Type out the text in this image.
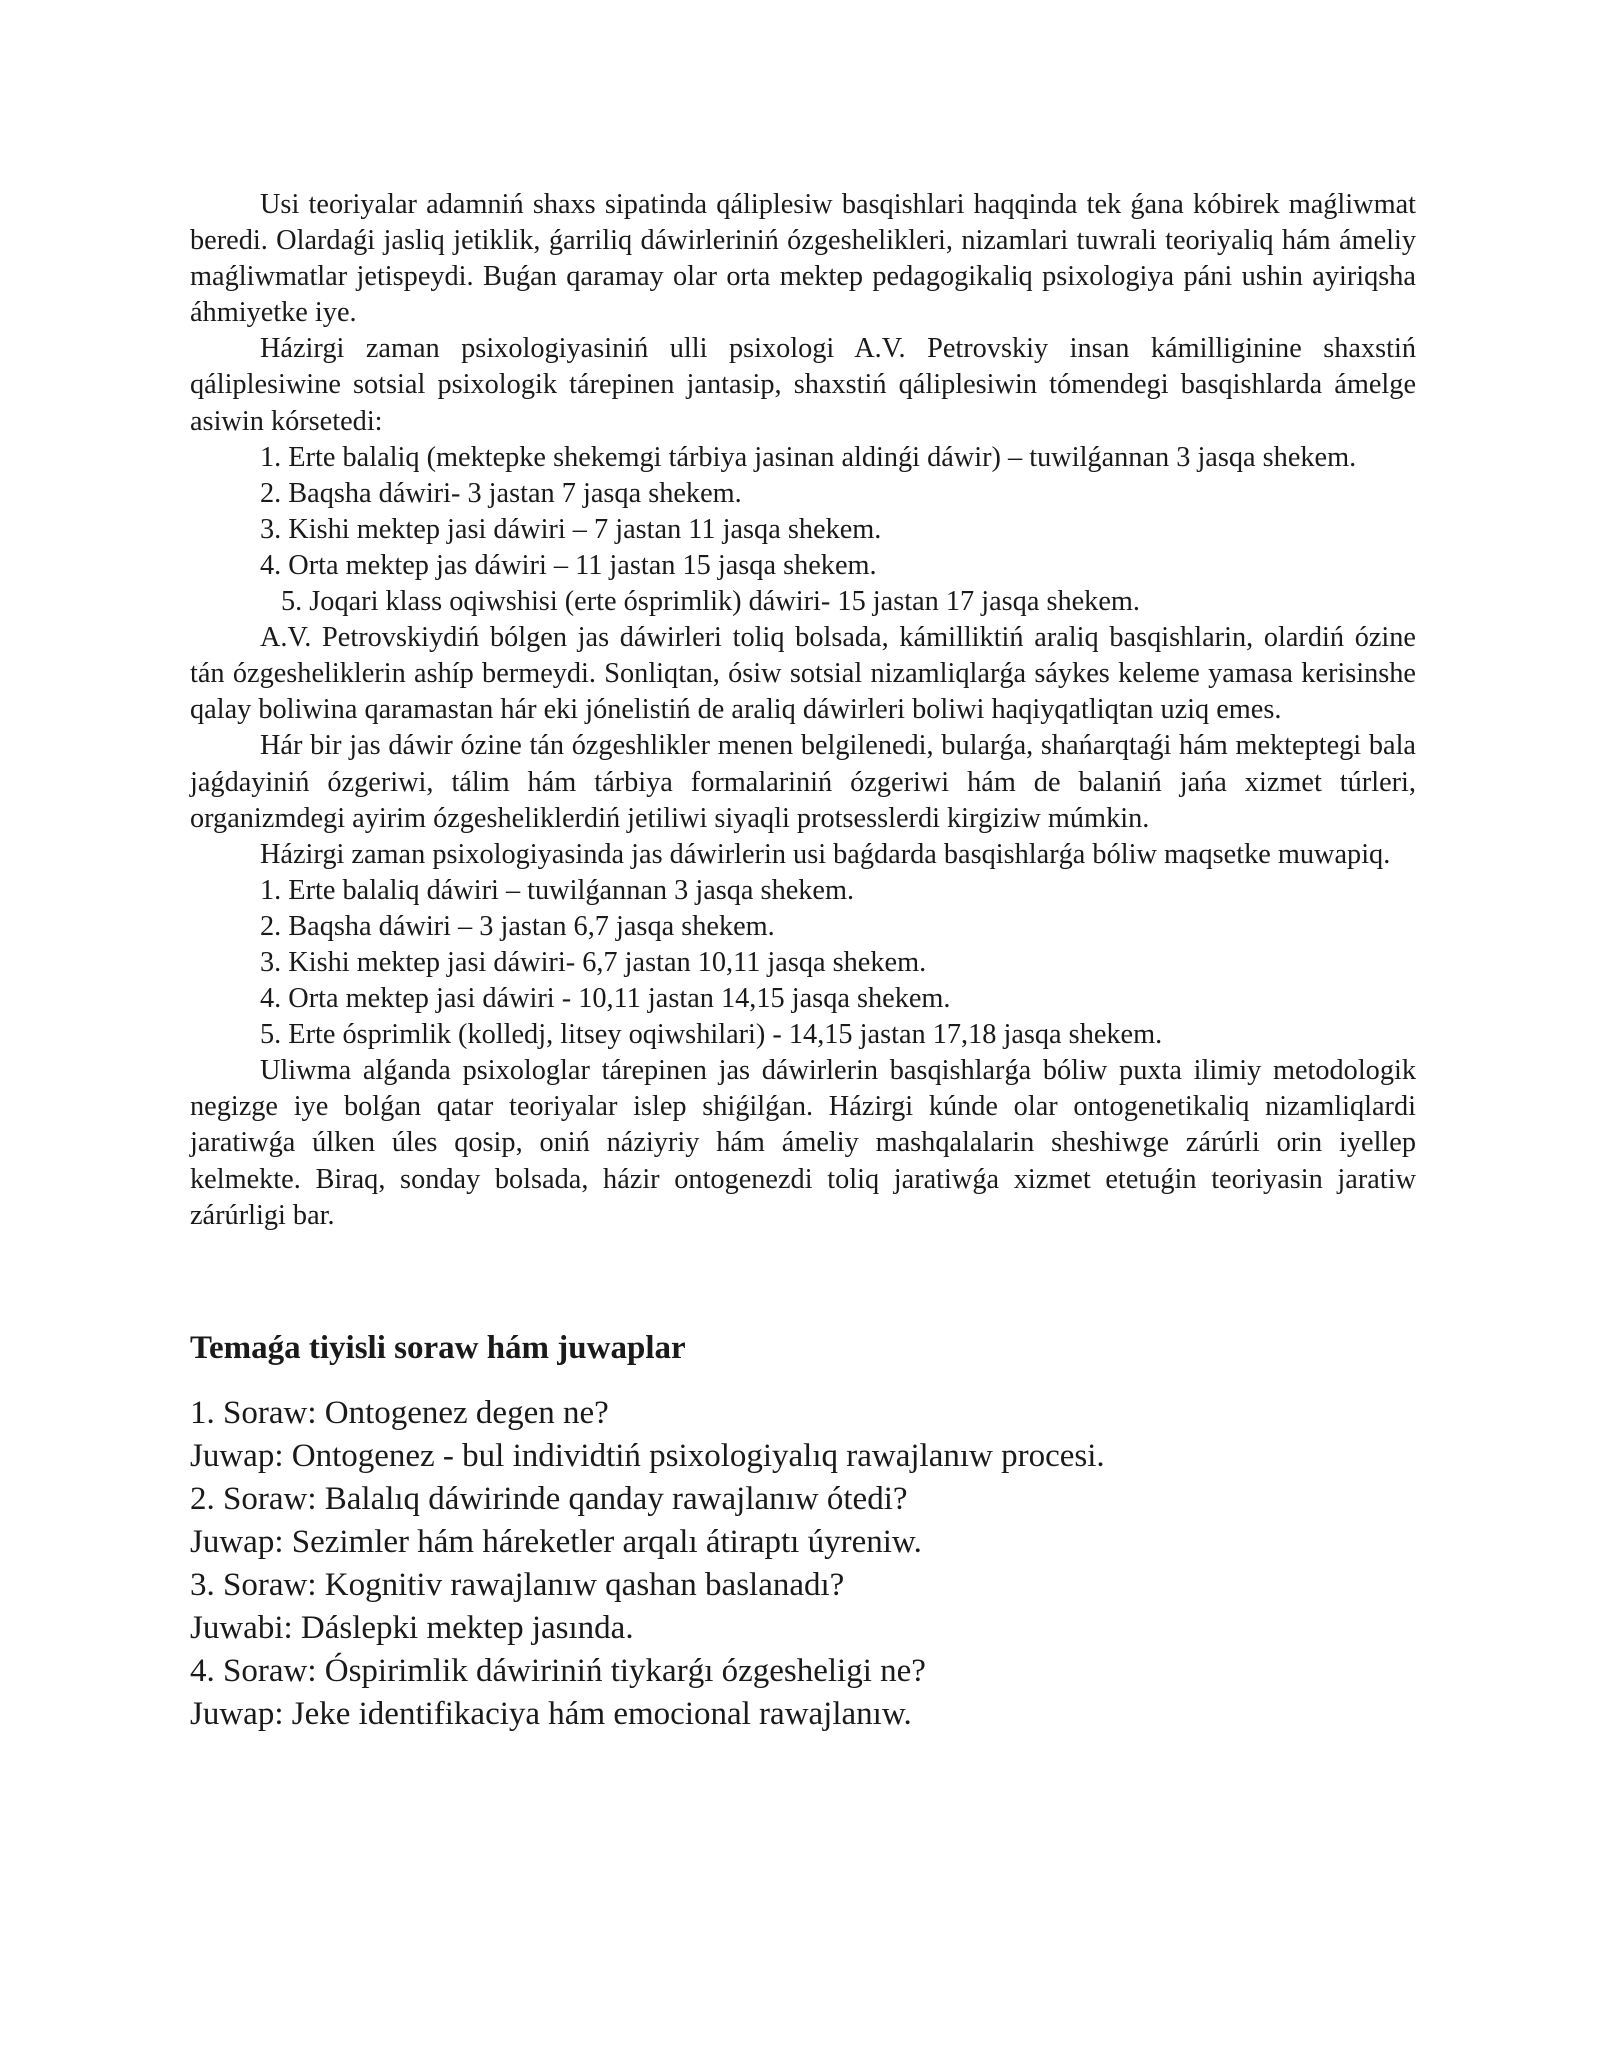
Usi teoriyalar adamniń shaxs sipatinda qáliplesiw basqishlari haqqinda tek ǵana kóbirek maǵliwmat beredi. Olardaǵi jasliq jetiklik, ǵarriliq dáwirleriniń ózgeshelikleri, nizamlari tuwrali teoriyaliq hám ámeliy maǵliwmatlar jetispeydi. Buǵan qaramay olar orta mektep pedagogikaliq psixologiya páni ushin ayiriqsha áhmiyetke iye.

Házirgi zaman psixologiyasiniń ulli psixologi A.V. Petrovskiy insan kámilliginine shaxstiń qáliplesiwine sotsial psixologik tárepinen jantasip, shaxstiń qáliplesiwin tómendegi basqishlarda ámelge asiwin kórsetedi:

1. Erte balaliq (mektepke shekemgi tárbiya jasinan aldinǵi dáwir) – tuwilǵannan 3 jasqa shekem.

2. Baqsha dáwiri- 3 jastan 7 jasqa shekem.

3. Kishi mektep jasi dáwiri – 7 jastan 11 jasqa shekem.

4. Orta mektep jas dáwiri – 11 jastan 15 jasqa shekem.

5. Joqari klass oqiwshisi (erte ósprimlik) dáwiri- 15 jastan 17 jasqa shekem.

A.V. Petrovskiydiń bólgen jas dáwirleri toliq bolsada, kámilliktiń araliq basqishlarin, olardiń ózine tán ózgesheliklerin ashíp bermeydi. Sonliqtan, ósiw sotsial nizamliqlarǵa sáykes keleme yamasa kerisinshe qalay boliwina qaramastan hár eki jónelistiń de araliq dáwirleri boliwi haqiyqatliqtan uziq emes.

Hár bir jas dáwir ózine tán ózgeshlikler menen belgilenedi, bularǵa, shańarqtaǵi hám mekteptegi bala jaǵdayiniń ózgeriwi, tálim hám tárbiya formalariniń ózgeriwi hám de balaniń jańa xizmet túrleri, organizmdegi ayirim ózgesheliklerdiń jetiliwi siyaqli protsesslerdi kirgiziw múmkin.

Házirgi zaman psixologiyasinda jas dáwirlerin usi baǵdarda basqishlarǵa bóliw maqsetke muwapiq.

1. Erte balaliq dáwiri – tuwilǵannan 3 jasqa shekem.

2. Baqsha dáwiri – 3 jastan 6,7 jasqa shekem.

3. Kishi mektep jasi dáwiri- 6,7 jastan 10,11 jasqa shekem.

4. Orta mektep jasi dáwiri - 10,11 jastan 14,15 jasqa shekem.

5. Erte ósprimlik (kolledj, litsey oqiwshilari) - 14,15 jastan 17,18 jasqa shekem.

Uliwma alǵanda psixologlar tárepinen jas dáwirlerin basqishlarǵa bóliw puxta ilimiy metodologik negizge iye bolǵan qatar teoriyalar islep shiǵilǵan. Házirgi kúnde olar ontogenetikaliq nizamliqlardi jaratiwǵa úlken úles qosip, oniń náziyriy hám ámeliy mashqalalarin sheshiwge zárúrli orin iyellep kelmekte. Biraq, sonday bolsada, házir ontogenezdi toliq jaratiwǵa xizmet etetuǵin teoriyasin jaratiw zárúrligi bar.

Temaǵa tiyisli soraw hám juwaplar

1. Soraw: Ontogenez degen ne?

Juwap: Ontogenez - bul individtiń psixologiyalıq rawajlanıw procesi.

2. Soraw: Balalıq dáwirinde qanday rawajlanıw ótedi?

Juwap: Sezimler hám háreketler arqalı átiraptı úyreniw.

3. Soraw: Kognitiv rawajlanıw qashan baslanadı?

Juwabi: Dáslepki mektep jasında.

4. Soraw: Óspirimlik dáwiriniń tiykarǵı ózgesheligi ne?

Juwap: Jeke identifikaciya hám emocional rawajlanıw.
